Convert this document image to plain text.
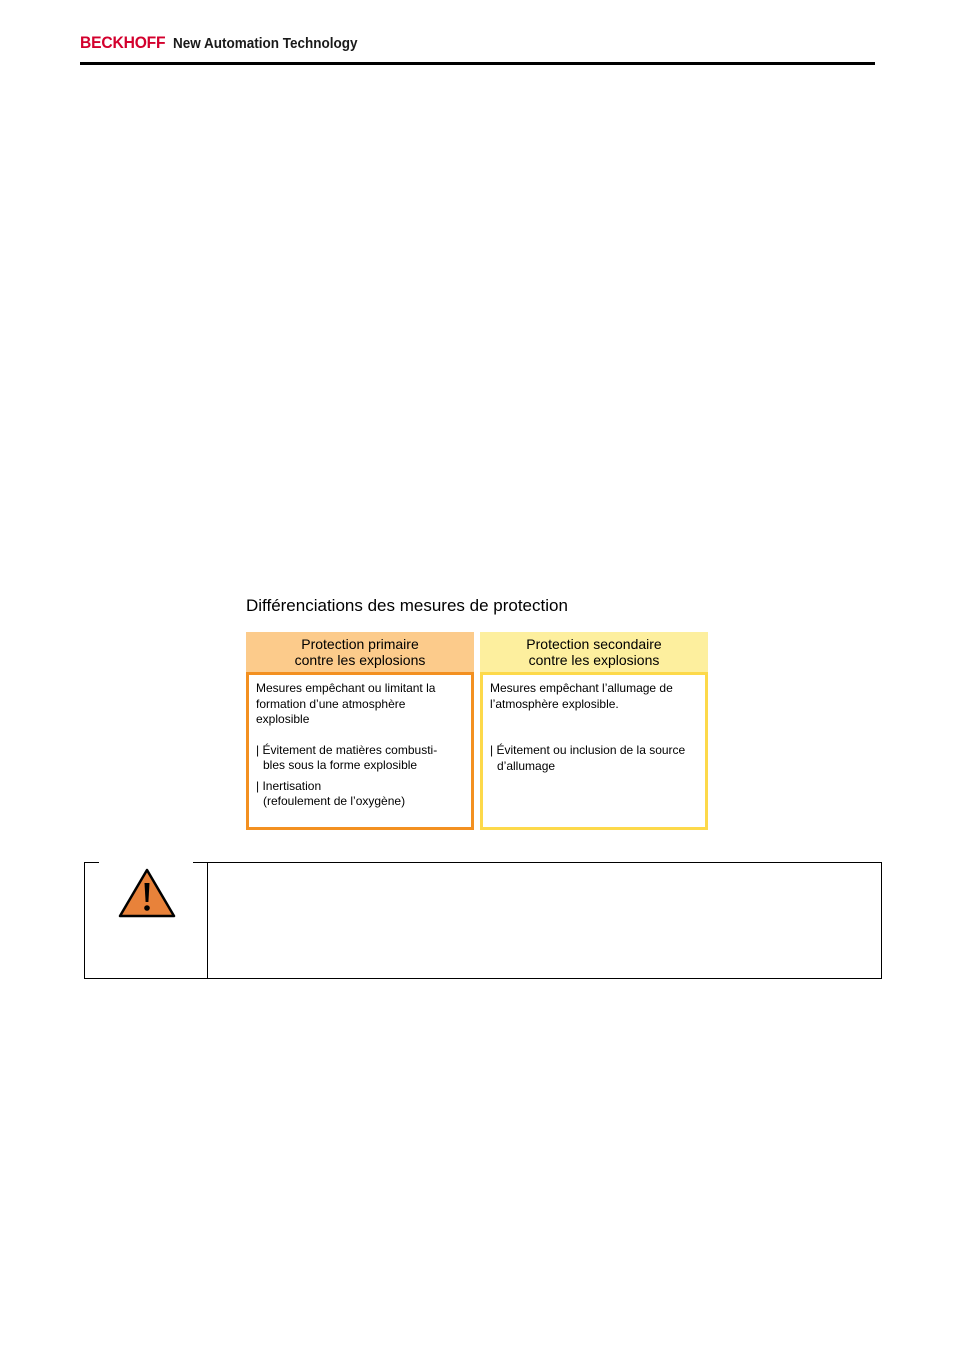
BECKHOFF New Automation Technology
Différenciations des mesures de protection
Protection primaire
contre les explosions

Mesures empêchant ou limitant la

formation d’une atmosphère

explosible

| Évitement de matières combusti-

bles sous la forme explosible

| Inertisation

(refoulement de l’oxygène)

Protection secondaire
contre les explosions

Mesures empêchant l’allumage de

l’atmosphère explosible.

| Évitement ou inclusion de la source

d’allumage
